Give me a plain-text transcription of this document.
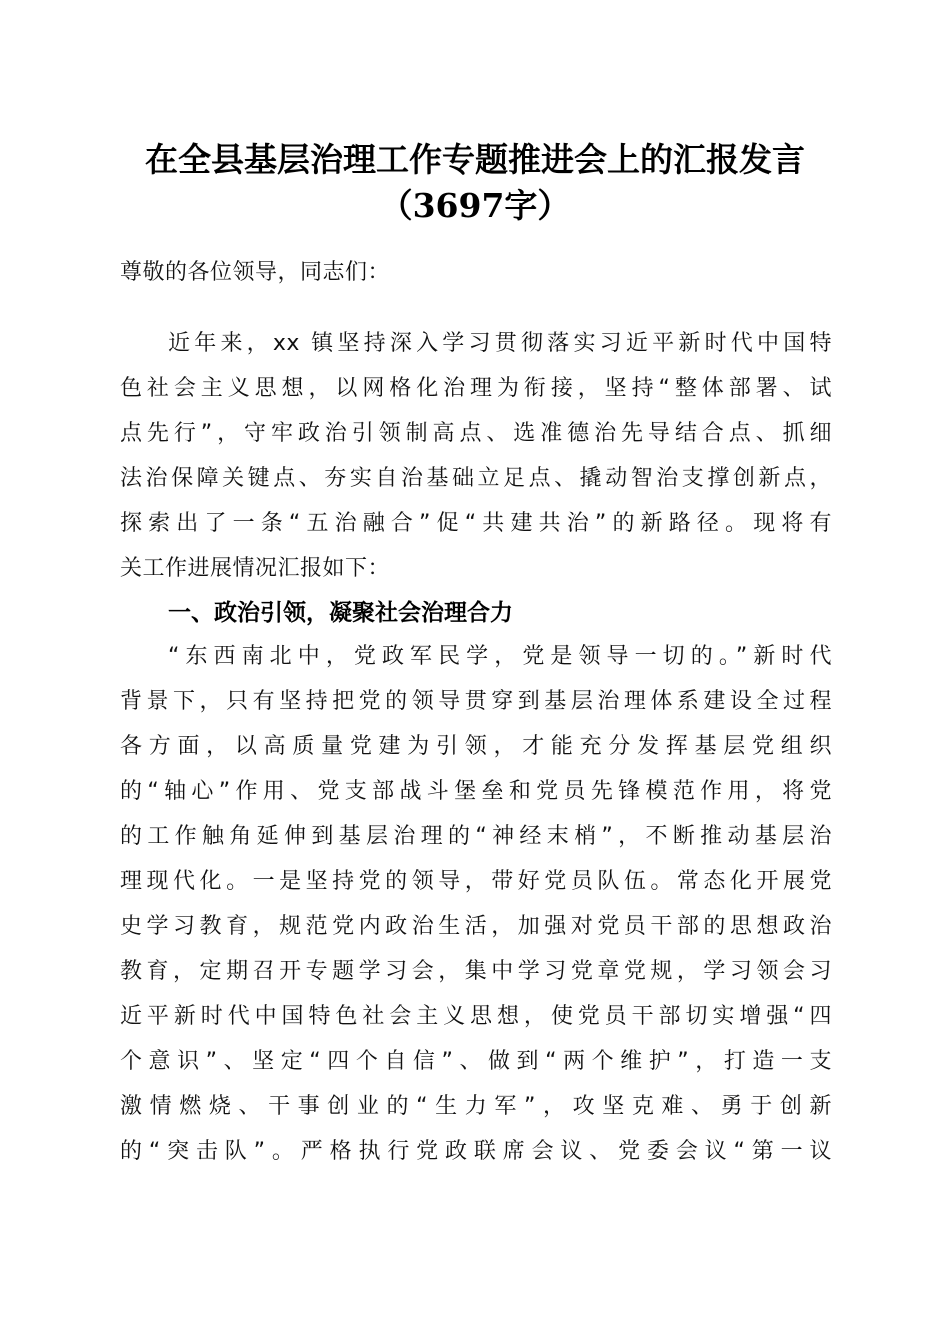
在全县基层治理工作专题推进会上的汇报发言
（3697字）
尊敬的各位领导，同志们：
近年来，xx 镇坚持深入学习贯彻落实习近平新时代中国特
色社会主义思想，以网格化治理为衔接，坚持“整体部署、试
点先行”，守牢政治引领制高点、选准德治先导结合点、抓细
法治保障关键点、夯实自治基础立足点、撬动智治支撑创新点，
探索出了一条“五治融合”促“共建共治”的新路径。现将有
关工作进展情况汇报如下：
一、政治引领，凝聚社会治理合力
“东西南北中，党政军民学，党是领导一切的。”新时代
背景下，只有坚持把党的领导贯穿到基层治理体系建设全过程
各方面，以高质量党建为引领，才能充分发挥基层党组织
的“轴心”作用、党支部战斗堡垒和党员先锋模范作用，将党
的工作触角延伸到基层治理的“神经末梢”，不断推动基层治
理现代化。一是坚持党的领导，带好党员队伍。常态化开展党
史学习教育，规范党内政治生活，加强对党员干部的思想政治
教育，定期召开专题学习会，集中学习党章党规，学习领会习
近平新时代中国特色社会主义思想，使党员干部切实增强“四
个意识”、坚定“四个自信”、做到“两个维护”，打造一支
激情燃烧、干事创业的“生力军”，攻坚克难、勇于创新
的“突击队”。严格执行党政联席会议、党委会议“第一议
